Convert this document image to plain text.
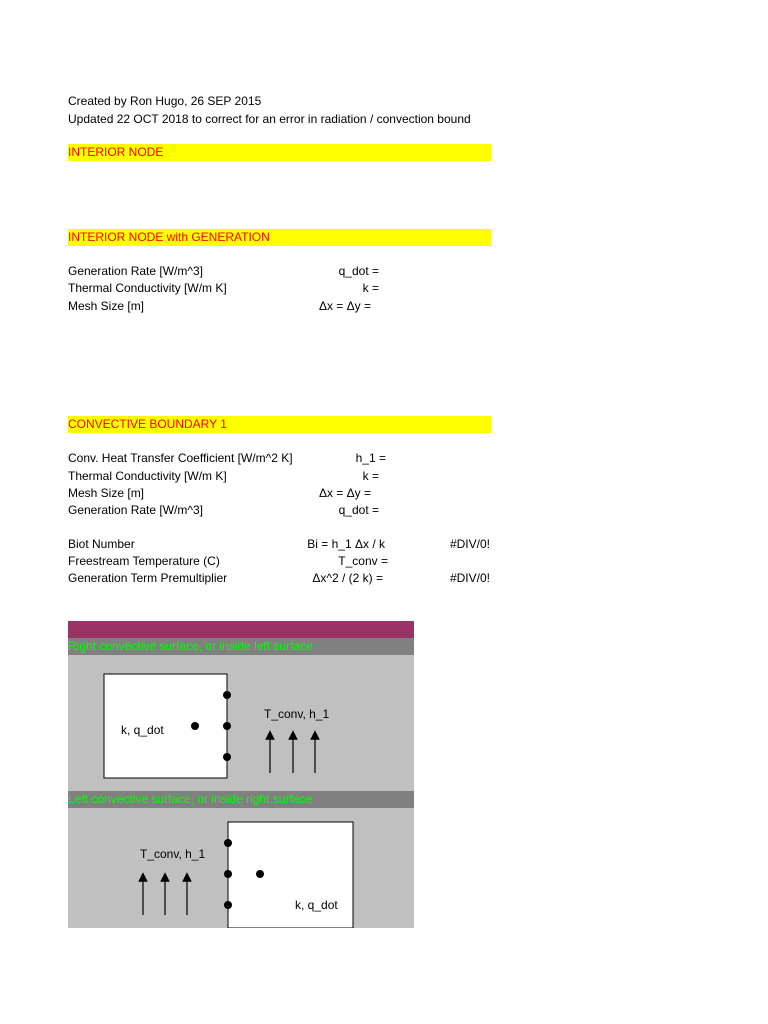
Created by Ron Hugo, 26 SEP 2015
Updated 22 OCT 2018 to correct for an error in radiation / convection bound
INTERIOR NODE
INTERIOR NODE with GENERATION
Generation Rate [W/m^3]	q_dot =
Thermal Conductivity [W/m K]	k =
Mesh Size [m]	Δx = Δy =
CONVECTIVE BOUNDARY 1
Conv. Heat Transfer Coefficient [W/m^2 K]	h_1 =
Thermal Conductivity [W/m K]	k =
Mesh Size [m]	Δx = Δy =
Generation Rate [W/m^3]	q_dot =
Biot Number	Bi = h_1 Δx / k	#DIV/0!
Freestream Temperature (C)	T_conv =
Generation Term Premultiplier	Δx^2 / (2 k) =	#DIV/0!
Right convective surface, or inside left surface
k, q_dot
T_conv, h_1
Left convective surface, or inside right surface
k, q_dot
T_conv, h_1
